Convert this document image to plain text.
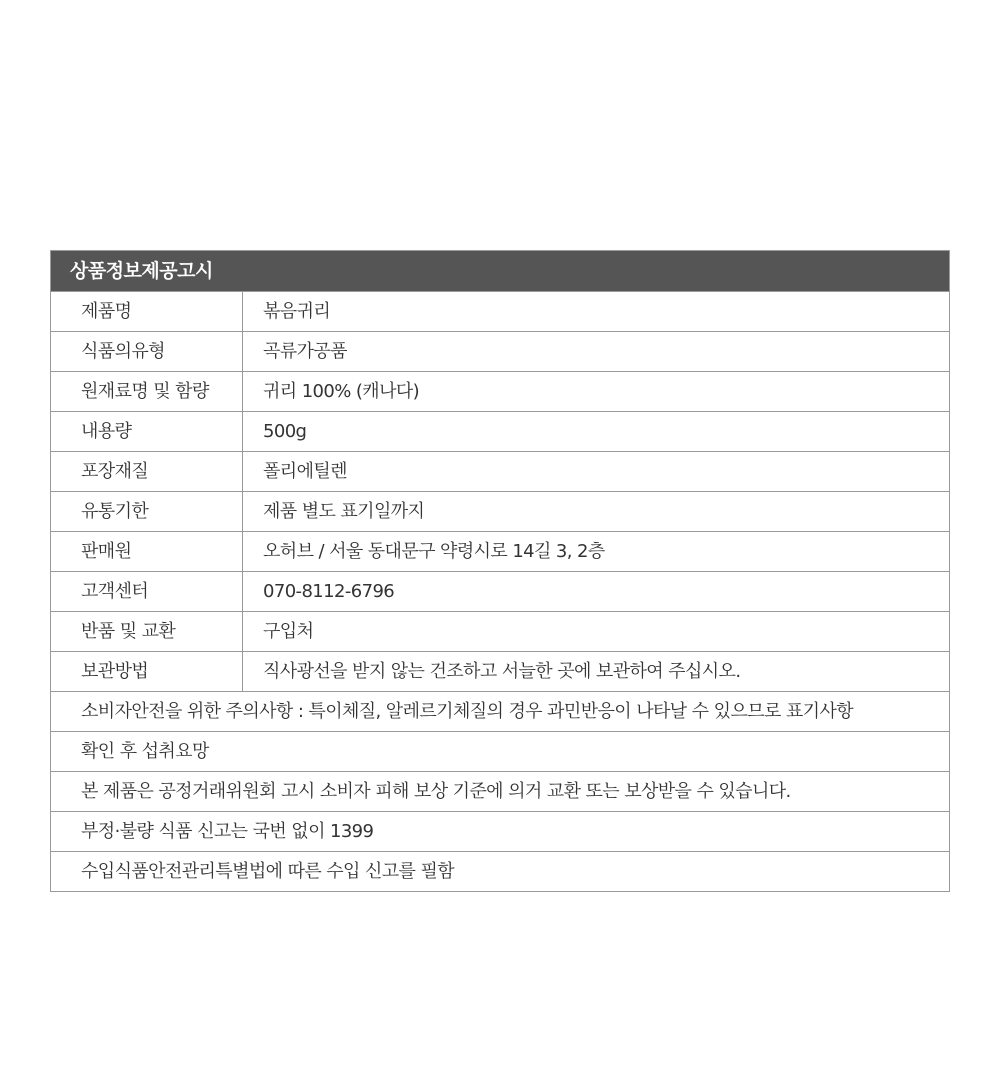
상품정보제공고시
제품명	볶음귀리
식품의유형	곡류가공품
원재료명 및 함량	귀리 100% (캐나다)
내용량	500g
포장재질	폴리에틸렌
유통기한	제품 별도 표기일까지
판매원	오허브 / 서울 동대문구 약령시로 14길 3, 2층
고객센터	070-8112-6796
반품 및 교환	구입처
보관방법	직사광선을 받지 않는 건조하고 서늘한 곳에 보관하여 주십시오.
소비자안전을 위한 주의사항 : 특이체질, 알레르기체질의 경우 과민반응이 나타날 수 있으므로 표기사항
확인 후 섭취요망
본 제품은 공정거래위원회 고시 소비자 피해 보상 기준에 의거 교환 또는 보상받을 수 있습니다.
부정·불량 식품 신고는 국번 없이 1399
수입식품안전관리특별법에 따른 수입 신고를 필함
